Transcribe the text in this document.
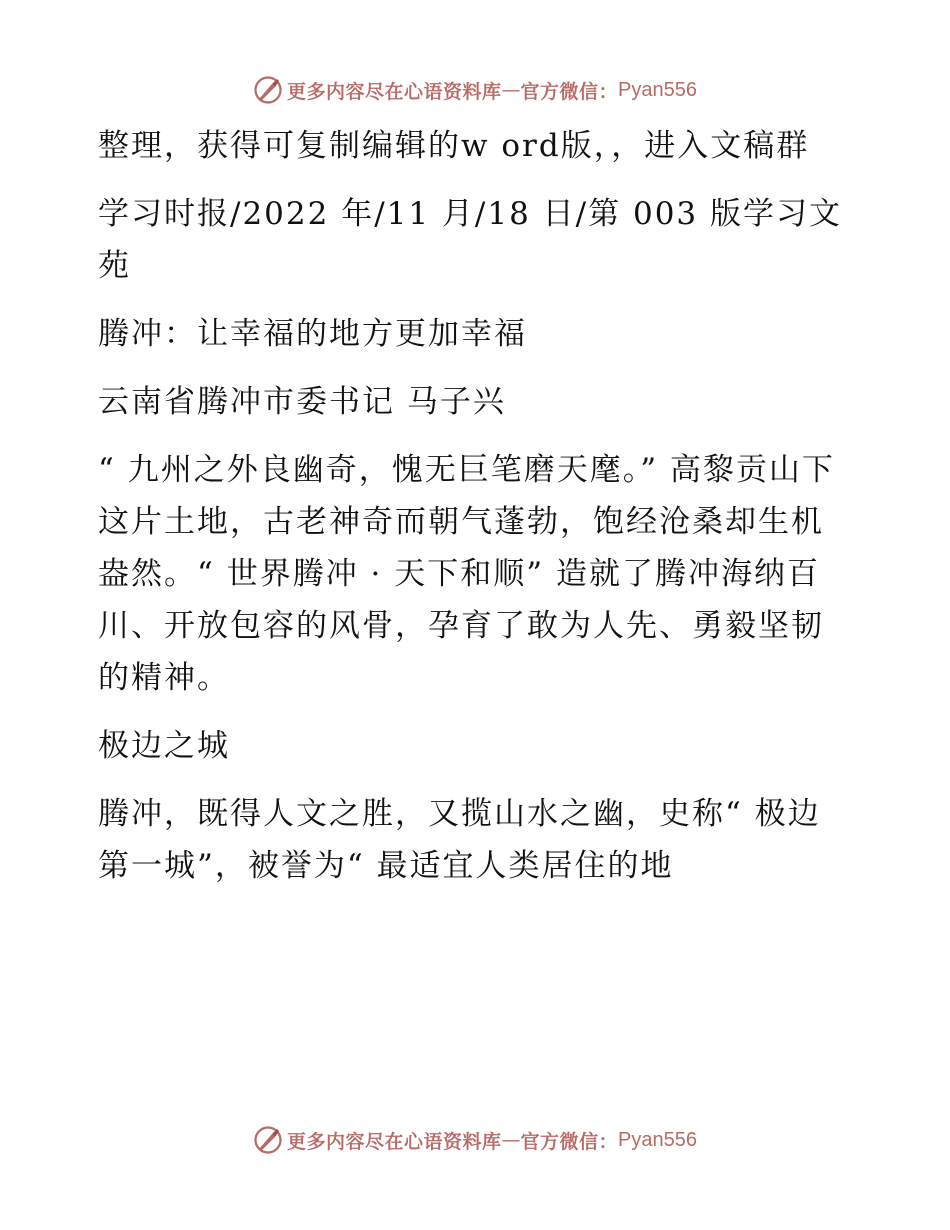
更多内容尽在心语资料库 — 官方微信： Pyan556

整理，获得可复制编辑的w ord版，，进入文稿群

学习时报/2022 年/11 月/18 日/第 003 版学习文苑

腾冲：让幸福的地方更加幸福

云南省腾冲市委书记 马子兴

“ 九州之外良幽奇，愧无巨笔磨天麾。” 高黎贡山下这片土地，古老神奇而朝气蓬勃，饱经沧桑却生机盎然。“ 世界腾冲 · 天下和顺” 造就了腾冲海纳百川、开放包容的风骨，孕育了敢为人先、勇毅坚韧的精神。

极边之城

腾冲，既得人文之胜，又揽山水之幽，史称“ 极边第一城”，被誉为“ 最适宜人类居住的地

更多内容尽在心语资料库 — 官方微信： Pyan556
